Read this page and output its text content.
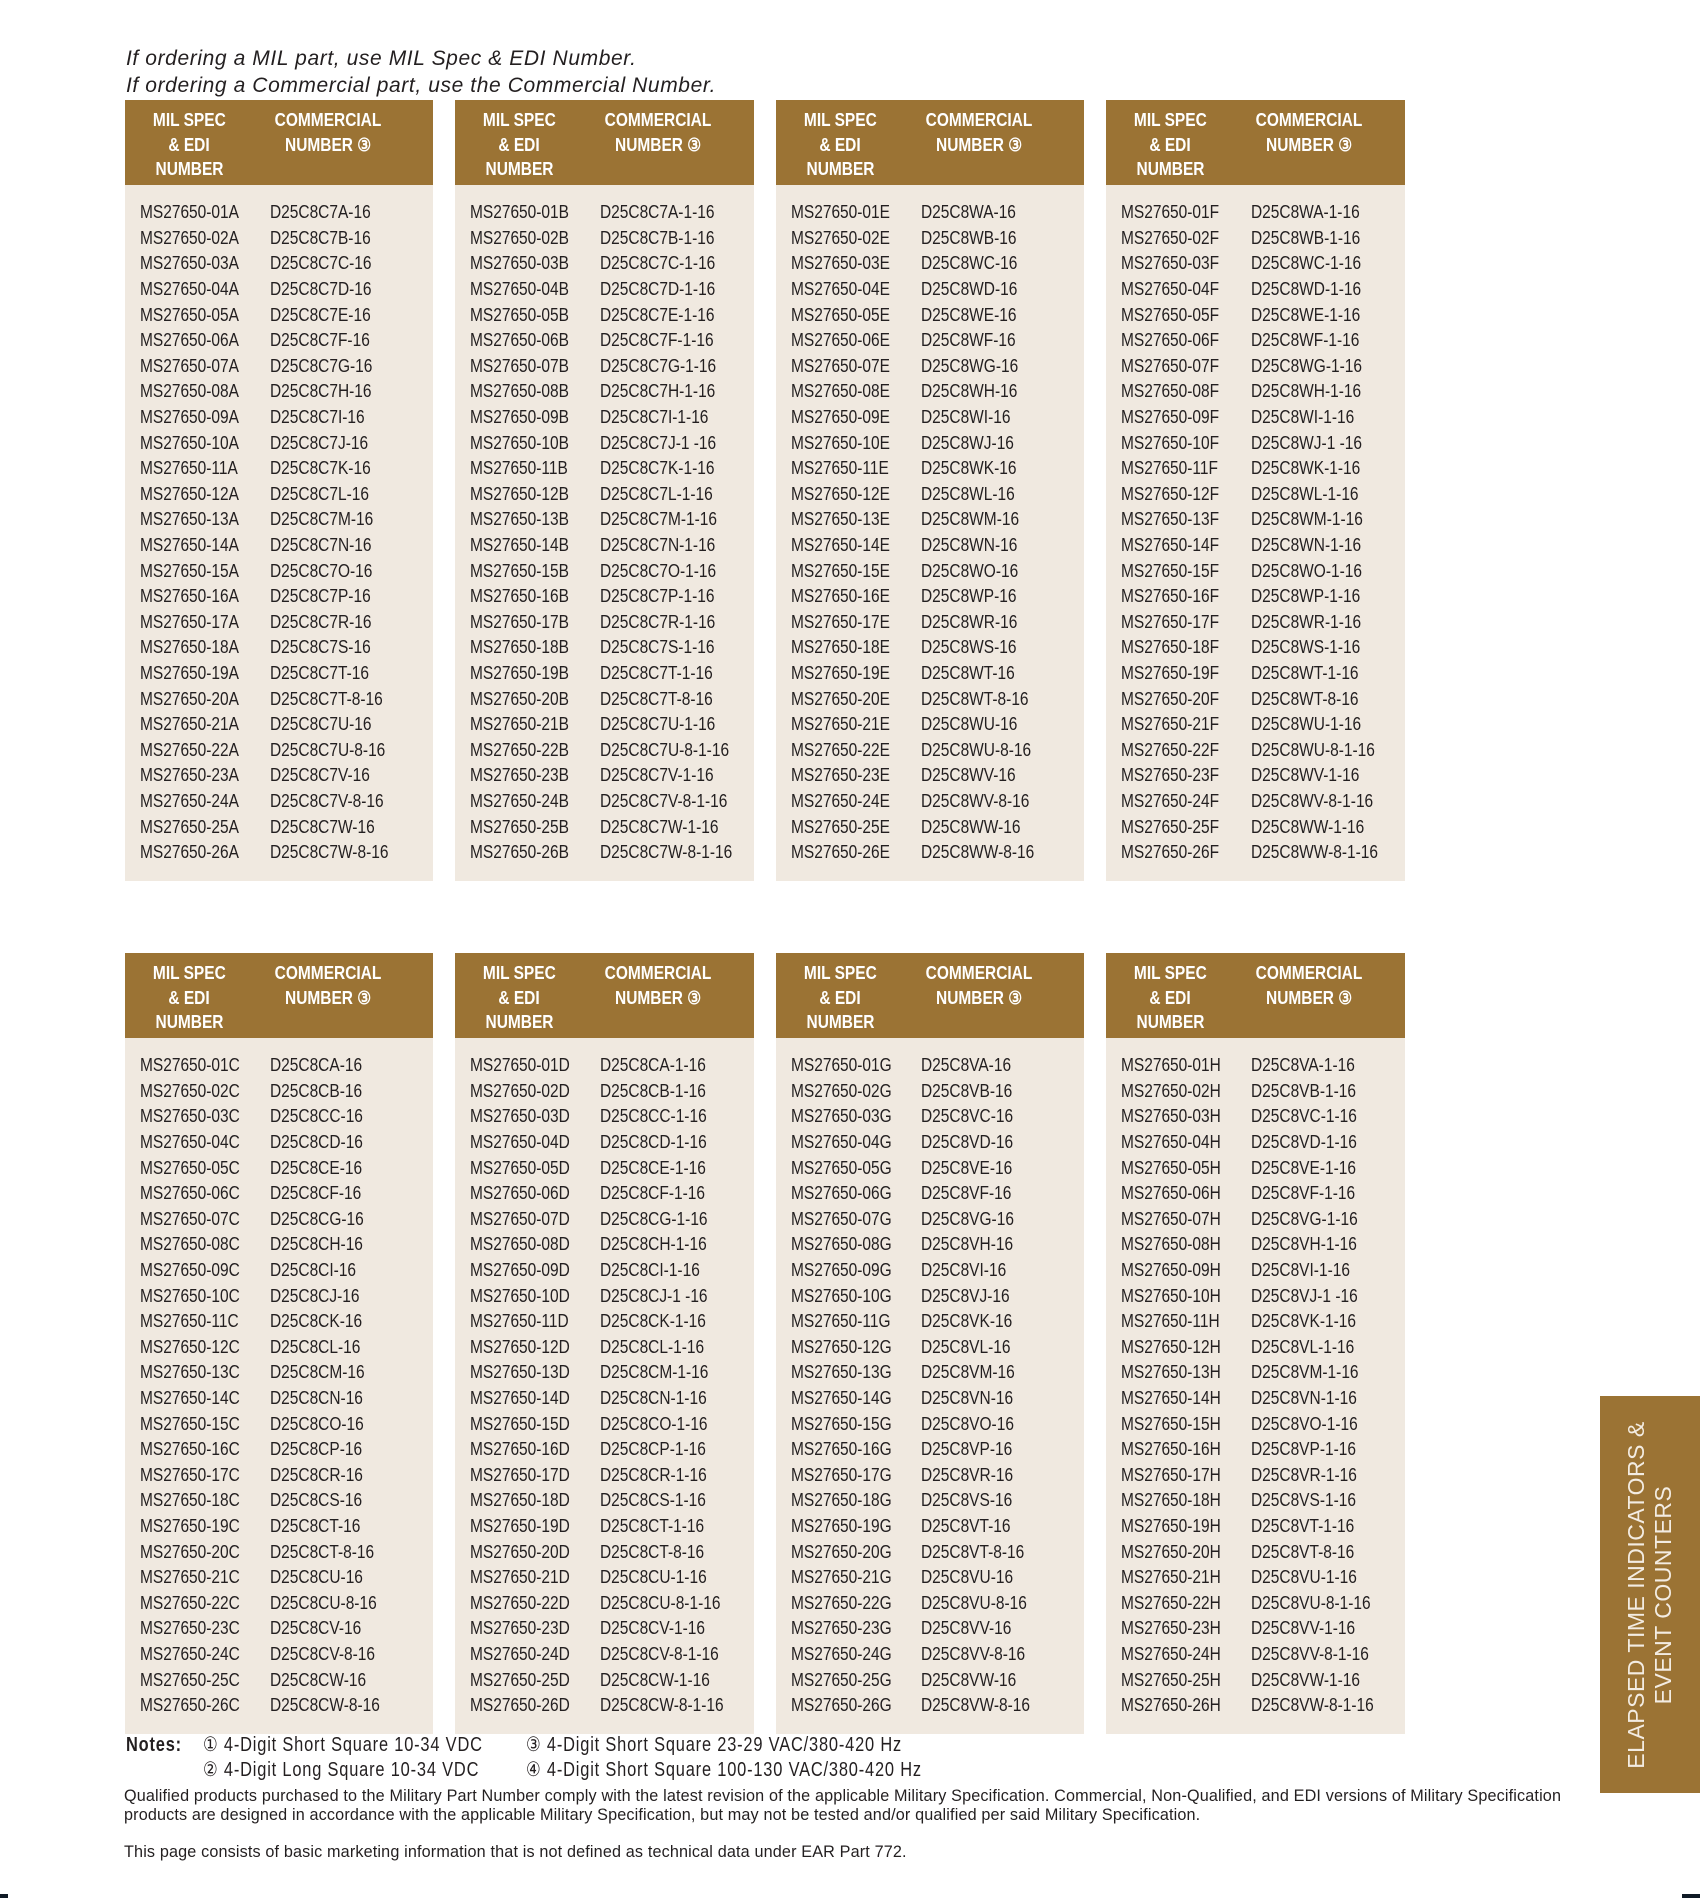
If ordering a MIL part, use MIL Spec & EDI Number.
If ordering a Commercial part, use the Commercial Number.
MIL SPEC
& EDI
NUMBER
COMMERCIAL
NUMBER ③
MS27650-01A	D25C8C7A-16
MS27650-02A	D25C8C7B-16
MS27650-03A	D25C8C7C-16
MS27650-04A	D25C8C7D-16
MS27650-05A	D25C8C7E-16
MS27650-06A	D25C8C7F-16
MS27650-07A	D25C8C7G-16
MS27650-08A	D25C8C7H-16
MS27650-09A	D25C8C7I-16
MS27650-10A	D25C8C7J-16
MS27650-11A	D25C8C7K-16
MS27650-12A	D25C8C7L-16
MS27650-13A	D25C8C7M-16
MS27650-14A	D25C8C7N-16
MS27650-15A	D25C8C7O-16
MS27650-16A	D25C8C7P-16
MS27650-17A	D25C8C7R-16
MS27650-18A	D25C8C7S-16
MS27650-19A	D25C8C7T-16
MS27650-20A	D25C8C7T-8-16
MS27650-21A	D25C8C7U-16
MS27650-22A	D25C8C7U-8-16
MS27650-23A	D25C8C7V-16
MS27650-24A	D25C8C7V-8-16
MS27650-25A	D25C8C7W-16
MS27650-26A	D25C8C7W-8-16
MIL SPEC
& EDI
NUMBER
COMMERCIAL
NUMBER ③
MS27650-01B	D25C8C7A-1-16
MS27650-02B	D25C8C7B-1-16
MS27650-03B	D25C8C7C-1-16
MS27650-04B	D25C8C7D-1-16
MS27650-05B	D25C8C7E-1-16
MS27650-06B	D25C8C7F-1-16
MS27650-07B	D25C8C7G-1-16
MS27650-08B	D25C8C7H-1-16
MS27650-09B	D25C8C7I-1-16
MS27650-10B	D25C8C7J-1 -16
MS27650-11B	D25C8C7K-1-16
MS27650-12B	D25C8C7L-1-16
MS27650-13B	D25C8C7M-1-16
MS27650-14B	D25C8C7N-1-16
MS27650-15B	D25C8C7O-1-16
MS27650-16B	D25C8C7P-1-16
MS27650-17B	D25C8C7R-1-16
MS27650-18B	D25C8C7S-1-16
MS27650-19B	D25C8C7T-1-16
MS27650-20B	D25C8C7T-8-16
MS27650-21B	D25C8C7U-1-16
MS27650-22B	D25C8C7U-8-1-16
MS27650-23B	D25C8C7V-1-16
MS27650-24B	D25C8C7V-8-1-16
MS27650-25B	D25C8C7W-1-16
MS27650-26B	D25C8C7W-8-1-16
MIL SPEC
& EDI
NUMBER
COMMERCIAL
NUMBER ③
MS27650-01E	D25C8WA-16
MS27650-02E	D25C8WB-16
MS27650-03E	D25C8WC-16
MS27650-04E	D25C8WD-16
MS27650-05E	D25C8WE-16
MS27650-06E	D25C8WF-16
MS27650-07E	D25C8WG-16
MS27650-08E	D25C8WH-16
MS27650-09E	D25C8WI-16
MS27650-10E	D25C8WJ-16
MS27650-11E	D25C8WK-16
MS27650-12E	D25C8WL-16
MS27650-13E	D25C8WM-16
MS27650-14E	D25C8WN-16
MS27650-15E	D25C8WO-16
MS27650-16E	D25C8WP-16
MS27650-17E	D25C8WR-16
MS27650-18E	D25C8WS-16
MS27650-19E	D25C8WT-16
MS27650-20E	D25C8WT-8-16
MS27650-21E	D25C8WU-16
MS27650-22E	D25C8WU-8-16
MS27650-23E	D25C8WV-16
MS27650-24E	D25C8WV-8-16
MS27650-25E	D25C8WW-16
MS27650-26E	D25C8WW-8-16
MIL SPEC
& EDI
NUMBER
COMMERCIAL
NUMBER ③
MS27650-01F	D25C8WA-1-16
MS27650-02F	D25C8WB-1-16
MS27650-03F	D25C8WC-1-16
MS27650-04F	D25C8WD-1-16
MS27650-05F	D25C8WE-1-16
MS27650-06F	D25C8WF-1-16
MS27650-07F	D25C8WG-1-16
MS27650-08F	D25C8WH-1-16
MS27650-09F	D25C8WI-1-16
MS27650-10F	D25C8WJ-1 -16
MS27650-11F	D25C8WK-1-16
MS27650-12F	D25C8WL-1-16
MS27650-13F	D25C8WM-1-16
MS27650-14F	D25C8WN-1-16
MS27650-15F	D25C8WO-1-16
MS27650-16F	D25C8WP-1-16
MS27650-17F	D25C8WR-1-16
MS27650-18F	D25C8WS-1-16
MS27650-19F	D25C8WT-1-16
MS27650-20F	D25C8WT-8-16
MS27650-21F	D25C8WU-1-16
MS27650-22F	D25C8WU-8-1-16
MS27650-23F	D25C8WV-1-16
MS27650-24F	D25C8WV-8-1-16
MS27650-25F	D25C8WW-1-16
MS27650-26F	D25C8WW-8-1-16
MIL SPEC
& EDI
NUMBER
COMMERCIAL
NUMBER ③
MS27650-01C	D25C8CA-16
MS27650-02C	D25C8CB-16
MS27650-03C	D25C8CC-16
MS27650-04C	D25C8CD-16
MS27650-05C	D25C8CE-16
MS27650-06C	D25C8CF-16
MS27650-07C	D25C8CG-16
MS27650-08C	D25C8CH-16
MS27650-09C	D25C8CI-16
MS27650-10C	D25C8CJ-16
MS27650-11C	D25C8CK-16
MS27650-12C	D25C8CL-16
MS27650-13C	D25C8CM-16
MS27650-14C	D25C8CN-16
MS27650-15C	D25C8CO-16
MS27650-16C	D25C8CP-16
MS27650-17C	D25C8CR-16
MS27650-18C	D25C8CS-16
MS27650-19C	D25C8CT-16
MS27650-20C	D25C8CT-8-16
MS27650-21C	D25C8CU-16
MS27650-22C	D25C8CU-8-16
MS27650-23C	D25C8CV-16
MS27650-24C	D25C8CV-8-16
MS27650-25C	D25C8CW-16
MS27650-26C	D25C8CW-8-16
MIL SPEC
& EDI
NUMBER
COMMERCIAL
NUMBER ③
MS27650-01D	D25C8CA-1-16
MS27650-02D	D25C8CB-1-16
MS27650-03D	D25C8CC-1-16
MS27650-04D	D25C8CD-1-16
MS27650-05D	D25C8CE-1-16
MS27650-06D	D25C8CF-1-16
MS27650-07D	D25C8CG-1-16
MS27650-08D	D25C8CH-1-16
MS27650-09D	D25C8CI-1-16
MS27650-10D	D25C8CJ-1 -16
MS27650-11D	D25C8CK-1-16
MS27650-12D	D25C8CL-1-16
MS27650-13D	D25C8CM-1-16
MS27650-14D	D25C8CN-1-16
MS27650-15D	D25C8CO-1-16
MS27650-16D	D25C8CP-1-16
MS27650-17D	D25C8CR-1-16
MS27650-18D	D25C8CS-1-16
MS27650-19D	D25C8CT-1-16
MS27650-20D	D25C8CT-8-16
MS27650-21D	D25C8CU-1-16
MS27650-22D	D25C8CU-8-1-16
MS27650-23D	D25C8CV-1-16
MS27650-24D	D25C8CV-8-1-16
MS27650-25D	D25C8CW-1-16
MS27650-26D	D25C8CW-8-1-16
MIL SPEC
& EDI
NUMBER
COMMERCIAL
NUMBER ③
MS27650-01G	D25C8VA-16
MS27650-02G	D25C8VB-16
MS27650-03G	D25C8VC-16
MS27650-04G	D25C8VD-16
MS27650-05G	D25C8VE-16
MS27650-06G	D25C8VF-16
MS27650-07G	D25C8VG-16
MS27650-08G	D25C8VH-16
MS27650-09G	D25C8VI-16
MS27650-10G	D25C8VJ-16
MS27650-11G	D25C8VK-16
MS27650-12G	D25C8VL-16
MS27650-13G	D25C8VM-16
MS27650-14G	D25C8VN-16
MS27650-15G	D25C8VO-16
MS27650-16G	D25C8VP-16
MS27650-17G	D25C8VR-16
MS27650-18G	D25C8VS-16
MS27650-19G	D25C8VT-16
MS27650-20G	D25C8VT-8-16
MS27650-21G	D25C8VU-16
MS27650-22G	D25C8VU-8-16
MS27650-23G	D25C8VV-16
MS27650-24G	D25C8VV-8-16
MS27650-25G	D25C8VW-16
MS27650-26G	D25C8VW-8-16
MIL SPEC
& EDI
NUMBER
COMMERCIAL
NUMBER ③
MS27650-01H	D25C8VA-1-16
MS27650-02H	D25C8VB-1-16
MS27650-03H	D25C8VC-1-16
MS27650-04H	D25C8VD-1-16
MS27650-05H	D25C8VE-1-16
MS27650-06H	D25C8VF-1-16
MS27650-07H	D25C8VG-1-16
MS27650-08H	D25C8VH-1-16
MS27650-09H	D25C8VI-1-16
MS27650-10H	D25C8VJ-1 -16
MS27650-11H	D25C8VK-1-16
MS27650-12H	D25C8VL-1-16
MS27650-13H	D25C8VM-1-16
MS27650-14H	D25C8VN-1-16
MS27650-15H	D25C8VO-1-16
MS27650-16H	D25C8VP-1-16
MS27650-17H	D25C8VR-1-16
MS27650-18H	D25C8VS-1-16
MS27650-19H	D25C8VT-1-16
MS27650-20H	D25C8VT-8-16
MS27650-21H	D25C8VU-1-16
MS27650-22H	D25C8VU-8-1-16
MS27650-23H	D25C8VV-1-16
MS27650-24H	D25C8VV-8-1-16
MS27650-25H	D25C8VW-1-16
MS27650-26H	D25C8VW-8-1-16
Notes:	① 4-Digit Short Square 10-34 VDC
② 4-Digit Long Square 10-34 VDC
③ 4-Digit Short Square 23-29 VAC/380-420 Hz
④ 4-Digit Short Square 100-130 VAC/380-420 Hz
Qualified products purchased to the Military Part Number comply with the latest revision of the applicable Military Specification. Commercial, Non-Qualified, and EDI versions of Military Specification products are designed in accordance with the applicable Military Specification, but may not be tested and/or qualified per said Military Specification.
This page consists of basic marketing information that is not defined as technical data under EAR Part 772.
ELAPSED TIME INDICATORS & EVENT COUNTERS
